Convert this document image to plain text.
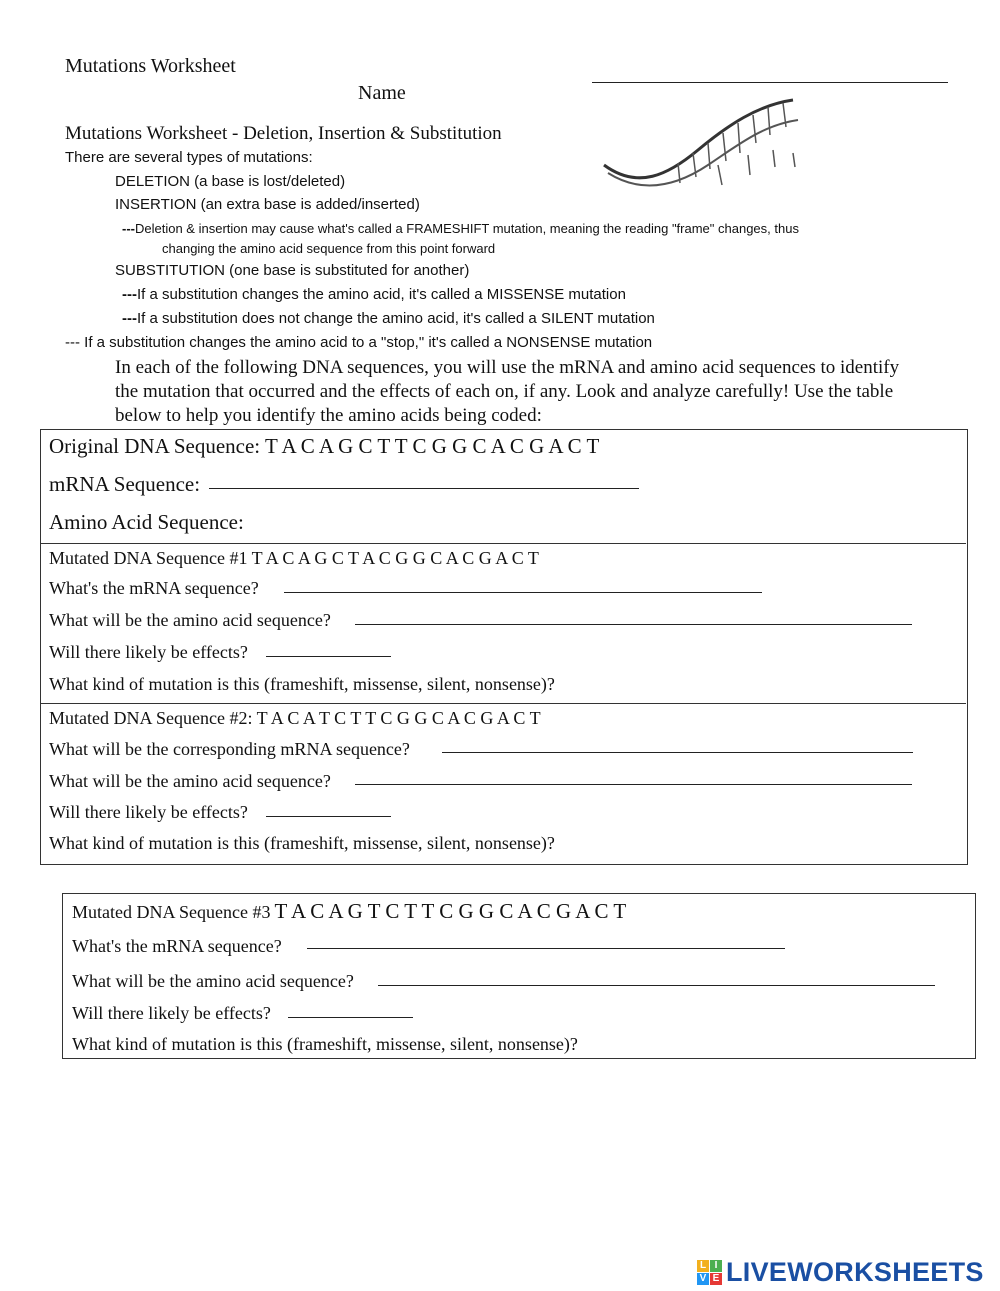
Mutations Worksheet
Name
Mutations Worksheet - Deletion, Insertion & Substitution
There are several types of mutations:
DELETION (a base is lost/deleted)
INSERTION (an extra base is added/inserted)
---Deletion & insertion may cause what's called a FRAMESHIFT mutation, meaning the reading "frame" changes, thus
changing the amino acid sequence from this point forward
SUBSTITUTION (one base is substituted for another)
---If a substitution changes the amino acid, it's called a MISSENSE mutation
---If a substitution does not change the amino acid, it's called a SILENT mutation
--- If a substitution changes the amino acid to a "stop," it's called a NONSENSE mutation
In each of the following DNA sequences, you will use the mRNA and amino acid sequences to identify
the mutation that occurred and the effects of each on, if any. Look and analyze carefully! Use the table
below to help you identify the amino acids being coded:
Original DNA Sequence: T A C A G C T T C G G C A C G A C T
mRNA Sequence:
Amino Acid Sequence:
Mutated DNA Sequence #1 T A C A G C T A C G G C A C G A C T
What's the mRNA sequence?
What will be the amino acid sequence?
Will there likely be effects?
What kind of mutation is this (frameshift, missense, silent, nonsense)?
Mutated DNA Sequence #2: T A C A T C T T C G G C A C G A C T
What will be the corresponding mRNA sequence?
What will be the amino acid sequence?
Will there likely be effects?
What kind of mutation is this (frameshift, missense, silent, nonsense)?
Mutated DNA Sequence #3 T A C A G T C T T C G G C A C G A C T
What's the mRNA sequence?
What will be the amino acid sequence?
Will there likely be effects?
What kind of mutation is this (frameshift, missense, silent, nonsense)?
L I
V E LIVEWORKSHEETS
